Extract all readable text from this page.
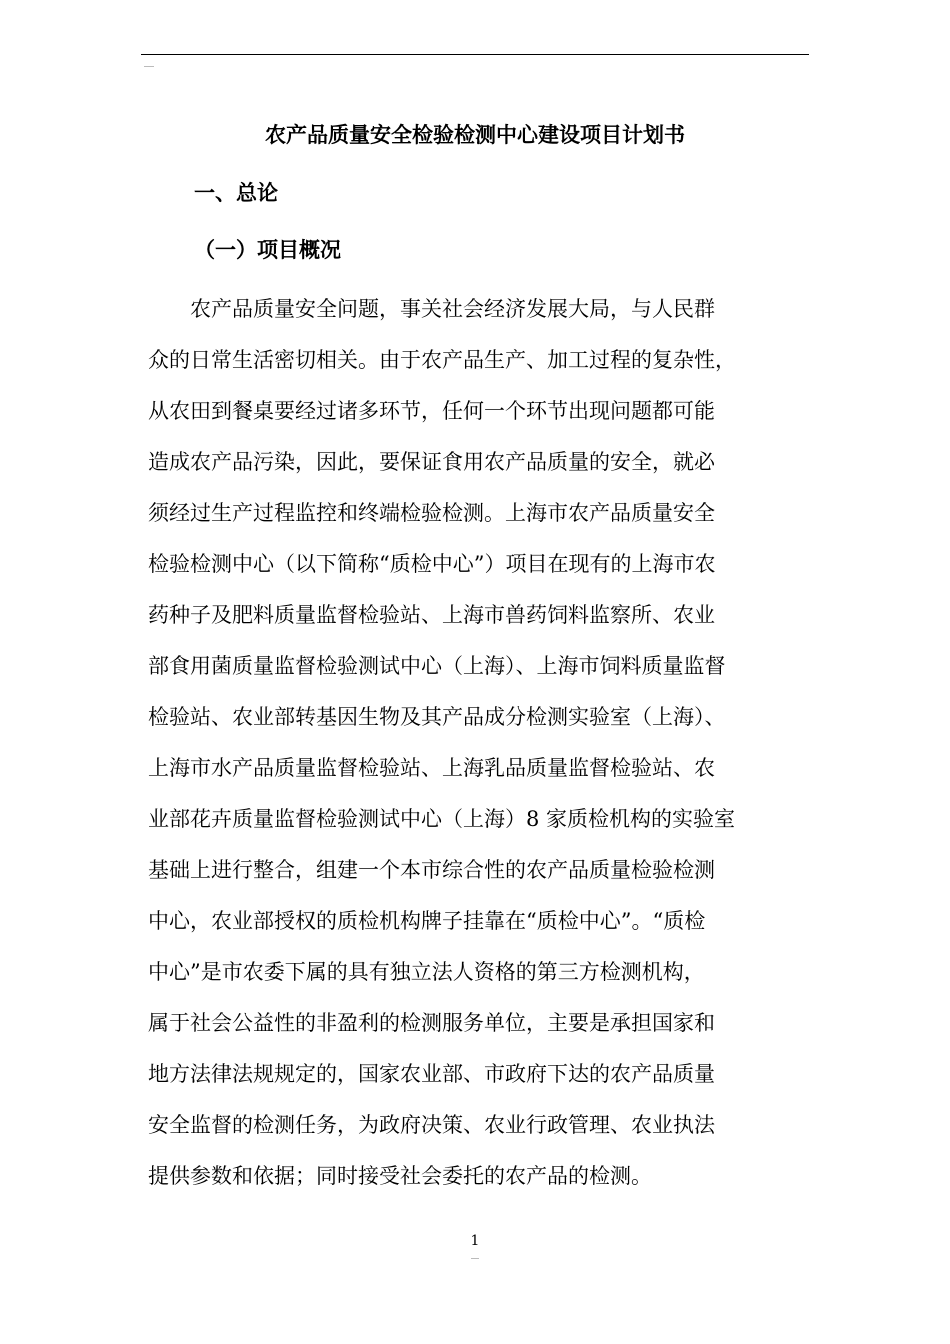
农产品质量安全检验检测中心建设项目计划书
一、总论
（一）项目概况
　　农产品质量安全问题，事关社会经济发展大局，与人民群
众的日常生活密切相关。由于农产品生产、加工过程的复杂性，
从农田到餐桌要经过诸多环节，任何一个环节出现问题都可能
造成农产品污染，因此，要保证食用农产品质量的安全，就必
须经过生产过程监控和终端检验检测。上海市农产品质量安全
检验检测中心（以下简称“质检中心”）项目在现有的上海市农
药种子及肥料质量监督检验站、上海市兽药饲料监察所、农业
部食用菌质量监督检验测试中心（上海）、上海市饲料质量监督
检验站、农业部转基因生物及其产品成分检测实验室（上海）、
上海市水产品质量监督检验站、上海乳品质量监督检验站、农
业部花卉质量监督检验测试中心（上海）8 家质检机构的实验室
基础上进行整合，组建一个本市综合性的农产品质量检验检测
中心，农业部授权的质检机构牌子挂靠在“质检中心”。“质检
中心”是市农委下属的具有独立法人资格的第三方检测机构，
属于社会公益性的非盈利的检测服务单位，主要是承担国家和
地方法律法规规定的，国家农业部、市政府下达的农产品质量
安全监督的检测任务，为政府决策、农业行政管理、农业执法
提供参数和依据；同时接受社会委托的农产品的检测。
1
